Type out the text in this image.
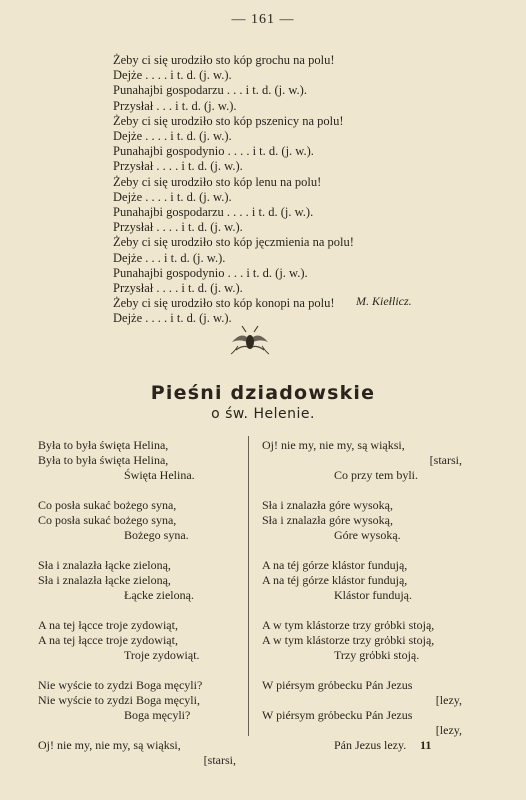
— 161 —
Żeby ci się urodziło sto kóp grochu na polu!
Dejże . . . . i t. d. (j. w.).
Punahajbi gospodarzu . . . i t. d. (j. w.).
Przysłał . . . i t. d. (j. w.).
Żeby ci się urodziło sto kóp pszenicy na polu!
Dejże . . . . i t. d. (j. w.).
Punahajbi gospodynio . . . . i t. d. (j. w.).
Przysłał . . . . i t. d. (j. w.).
Żeby ci się urodziło sto kóp lenu na polu!
Dejże . . . . i t. d. (j. w.).
Punahajbi gospodarzu . . . . i t. d. (j. w.).
Przysłał . . . . i t. d. (j. w.).
Żeby ci się urodziło sto kóp jęczmienia na polu!
Dejże . . . i t. d. (j. w.).
Punahajbi gospodynio . . . i t. d. (j. w.).
Przysłał . . . . i t. d. (j. w.).
Żeby ci się urodziło sto kóp konopi na polu!
Dejże . . . . i t. d. (j. w.).
M. Kiełlicz.
Pieśni dziadowskie
o św. Helenie.
Była to była święta Helina,
Była to była święta Helina,
Święta Helina.
Co posła sukać bożego syna,
Co posła sukać bożego syna,
Bożego syna.
Sła i znalazła łącke zieloną,
Sła i znalazła łącke zieloną,
Łącke zieloną.
A na tej łącce troje zydowiąt,
A na tej łącce troje zydowiąt,
Troje zydowiąt.
Nie wyście to zydzi Boga męcyli?
Nie wyście to zydzi Boga męcyli,
Boga męcyli?
Oj! nie my, nie my, są wiąksi,
[starsi,
Oj! nie my, nie my, są wiąksi,
[starsi,
Co przy tem byli.
Sła i znalazła góre wysoką,
Sła i znalazła góre wysoką,
Góre wysoką.
A na téj górze klástor fundują,
A na téj górze klástor fundują,
Klástor fundują.
A w tym klástorze trzy grόbki stoją,
A w tym klástorze trzy grόbki stoją,
Trzy grόbki stoją.
W piérsym grόbecku Pán Jezus
[lezy,
W piérsym grόbecku Pán Jezus
[lezy,
Pán Jezus lezy.	11
